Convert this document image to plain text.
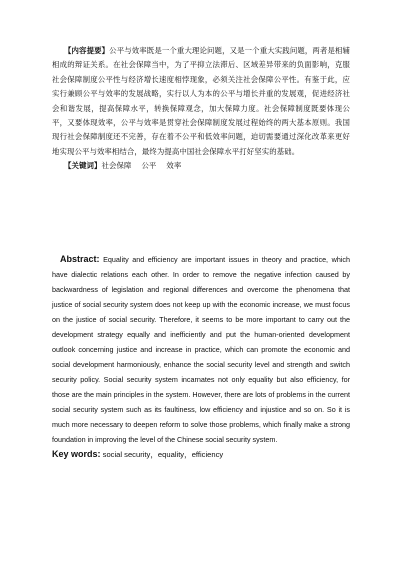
【内容提要】公平与效率既是一个重大理论问题，又是一个重大实践问题，两者是相辅相成的辩证关系。在社会保障当中，为了平抑立法滞后、区域差异带来的负面影响，克服社会保障制度公平性与经济增长速度相悖现象，必须关注社会保障公平性。有鉴于此，应实行兼顾公平与效率的发展战略，实行以人为本的公平与增长并重的发展观，促进经济社会和谐发展，提高保障水平，转换保障观念，加大保障力度。社会保障制度既要体现公平，又要体现效率，公平与效率是贯穿社会保障制度发展过程始终的两大基本原则。我国现行社会保障制度还不完善，存在着不公平和低效率问题，迫切需要通过深化改革来更好地实现公平与效率相结合，最终为提高中国社会保障水平打好坚实的基础。

【关键词】社会保障 公平 效率

Abstract: Equality and efficiency are important issues in theory and practice, which have dialectic relations each other. In order to remove the negative infection caused by backwardness of legislation and regional differences and overcome the phenomena that justice of social security system does not keep up with the economic increase, we must focus on the justice of social security. Therefore, it seems to be more important to carry out the development strategy equally and inefficiently and put the human-oriented development outlook concerning justice and increase in practice, which can promote the economic and social development harmoniously, enhance the social security level and strength and switch security policy. Social security system incarnates not only equality but also efficiency, for those are the main principles in the system. However, there are lots of problems in the current social security system such as its faultiness, low efficiency and injustice and so on. So it is much more necessary to deepen reform to solve those problems, which finally make a strong foundation in improving the level of the Chinese social security system.

Key words: social security，equality，efficiency
